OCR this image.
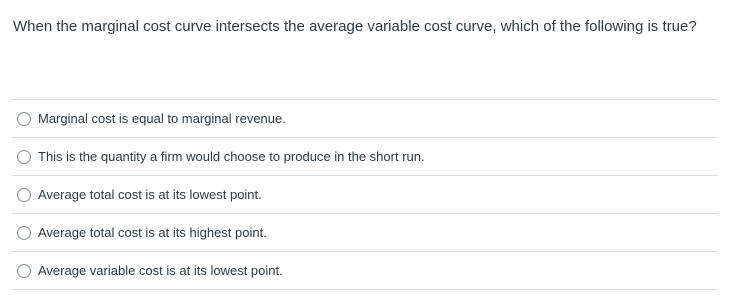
When the marginal cost curve intersects the average variable cost curve, which of the following is true?
Marginal cost is equal to marginal revenue.
This is the quantity a firm would choose to produce in the short run.
Average total cost is at its lowest point.
Average total cost is at its highest point.
Average variable cost is at its lowest point.
